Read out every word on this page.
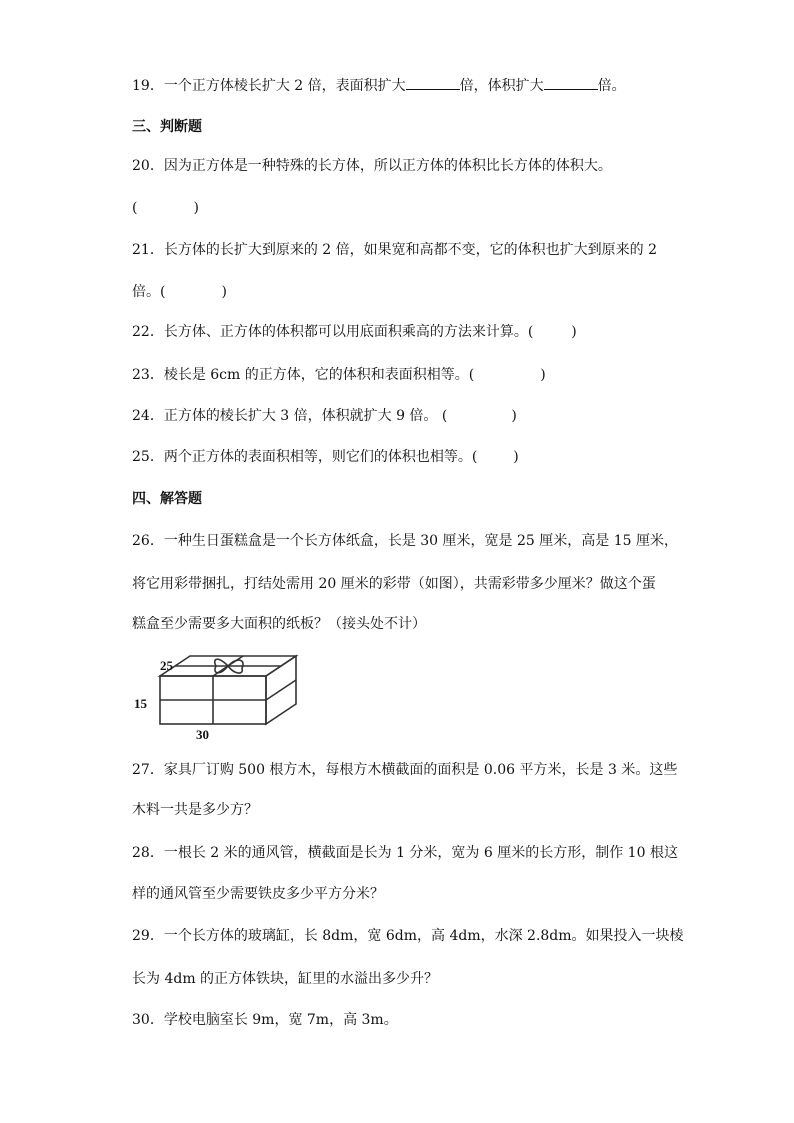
19．一个正方体棱长扩大 2 倍，表面积扩大	倍，体积扩大	倍。
三、判断题
20．因为正方体是一种特殊的长方体，所以正方体的体积比长方体的体积大。
(	)
21．长方体的长扩大到原来的 2 倍，如果宽和高都不变，它的体积也扩大到原来的 2
倍。(	)
22．长方体、正方体的体积都可以用底面积乘高的方法来计算。(	)
23．棱长是 6cm 的正方体，它的体积和表面积相等。(	)
24．正方体的棱长扩大 3 倍，体积就扩大 9 倍。 (	)
25．两个正方体的表面积相等，则它们的体积也相等。(	)
四、解答题
26．一种生日蛋糕盒是一个长方体纸盒，长是 30 厘米，宽是 25 厘米，高是 15 厘米，
将它用彩带捆扎，打结处需用 20 厘米的彩带（如图），共需彩带多少厘米？做这个蛋
糕盒至少需要多大面积的纸板？（接头处不计）
25
15
30
27．家具厂订购 500 根方木，每根方木横截面的面积是 0.06 平方米，长是 3 米。这些
木料一共是多少方？
28．一根长 2 米的通风管，横截面是长为 1 分米，宽为 6 厘米的长方形，制作 10 根这
样的通风管至少需要铁皮多少平方分米？
29．一个长方体的玻璃缸，长 8dm，宽 6dm，高 4dm，水深 2.8dm。如果投入一块棱
长为 4dm 的正方体铁块，缸里的水溢出多少升？
30．学校电脑室长 9m，宽 7m，高 3m。
